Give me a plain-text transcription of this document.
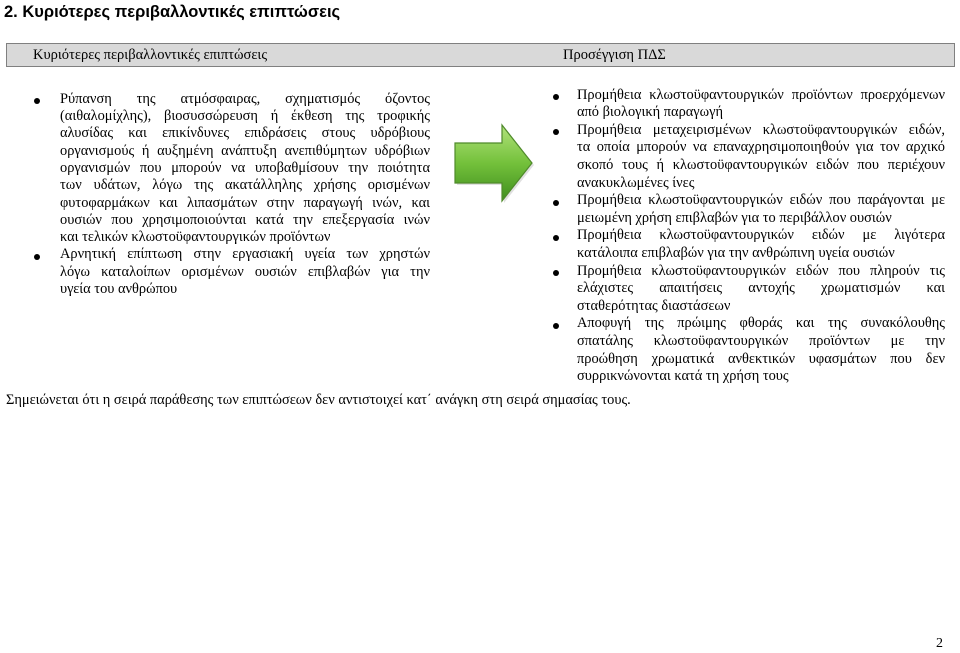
2. Κυριότερες περιβαλλοντικές επιπτώσεις
Κυριότερες περιβαλλοντικές επιπτώσεις	Προσέγγιση ΠΔΣ
Ρύπανση της ατμόσφαιρας, σχηματισμός όζοντος
(αιθαλομίχλης), βιοσυσσώρευση ή έκθεση της τροφικής
αλυσίδας και επικίνδυνες επιδράσεις στους υδρόβιους
οργανισμούς ή αυξημένη ανάπτυξη ανεπιθύμητων υδρόβιων
οργανισμών που μπορούν να υποβαθμίσουν την ποιότητα
των υδάτων, λόγω της ακατάλληλης χρήσης ορισμένων
φυτοφαρμάκων και λιπασμάτων στην παραγωγή ινών, και
ουσιών που χρησιμοποιούνται κατά την επεξεργασία ινών
και τελικών κλωστοϋφαντουργικών προϊόντων
Αρνητική επίπτωση στην εργασιακή υγεία των χρηστών
λόγω καταλοίπων ορισμένων ουσιών επιβλαβών για την
υγεία του ανθρώπου
Προμήθεια κλωστοϋφαντουργικών προϊόντων προερχόμενων
από βιολογική παραγωγή
Προμήθεια μεταχειρισμένων κλωστοϋφαντουργικών ειδών,
τα οποία μπορούν να επαναχρησιμοποιηθούν για τον αρχικό
σκοπό τους ή κλωστοϋφαντουργικών ειδών που περιέχουν
ανακυκλωμένες ίνες
Προμήθεια κλωστοϋφαντουργικών ειδών που παράγονται με
μειωμένη χρήση επιβλαβών για το περιβάλλον ουσιών
Προμήθεια κλωστοϋφαντουργικών ειδών με λιγότερα
κατάλοιπα επιβλαβών για την ανθρώπινη υγεία ουσιών
Προμήθεια κλωστοϋφαντουργικών ειδών που πληρούν τις
ελάχιστες απαιτήσεις αντοχής χρωματισμών και
σταθερότητας διαστάσεων
Αποφυγή της πρώιμης φθοράς και της συνακόλουθης
σπατάλης κλωστοϋφαντουργικών προϊόντων με την
προώθηση χρωματικά ανθεκτικών υφασμάτων που δεν
συρρικνώνονται κατά τη χρήση τους
Σημειώνεται ότι η σειρά παράθεσης των επιπτώσεων δεν αντιστοιχεί κατ΄ ανάγκη στη σειρά σημασίας τους.
2
